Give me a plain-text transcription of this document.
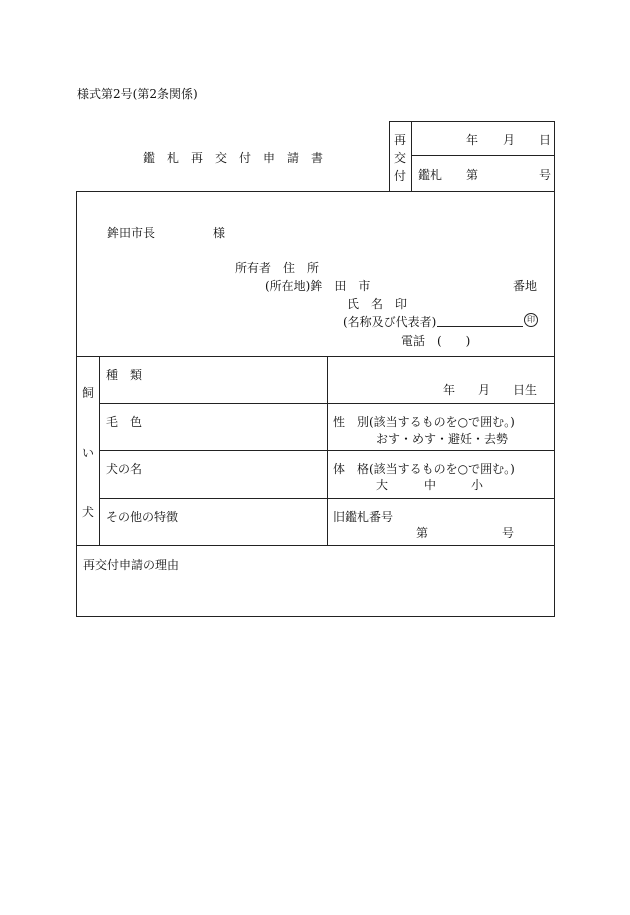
様式第2号(第2条関係)
鑑　札　再　交　付　申　請　書
再
交
付
年 月 日
鑑札 第	号
鉾田市長	様
所有者　住　所
(所在地)鉾　田　市	番地
氏　名　印
(名称及び代表者)	印
電話　(　　)
飼
い
犬
種　類
年 月 日生
毛　色	性　別(該当するものを○で囲む。)
おす・めす・避妊・去勢
犬の名	体　格(該当するものを○で囲む。)
大	中	小
その他の特徴	旧鑑札番号
第	号
再交付申請の理由
